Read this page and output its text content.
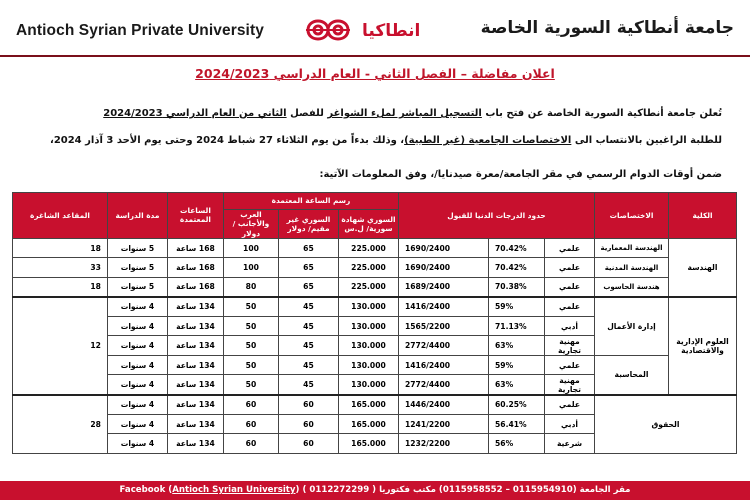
Antioch Syrian Private University	انطاكيا	جامعة أنطاكية السورية الخاصة
اعلان مفاضلة – الفصل الثاني - العام الدراسي 2024/2023
تُعلن جامعة أنطاكية السورية الخاصة عن فتح باب التسجيل المباشر لملء الشواغر للفصل الثاني من العام الدراسي 2024/2023
للطلبة الراغبين بالانتساب الى الاختصاصات الجامعية (غير الطبية)، وذلك بدءاً من يوم الثلاثاء 27 شباط 2024 وحتى يوم الأحد 3 آذار 2024،
ضمن أوقات الدوام الرسمي في مقر الجامعة/معرة صيدنايا/، وفق المعلومات الآتية:
الكلية	الاختصاصات	حدود الدرجات الدنيا للقبول			رسم الساعة المعتمدة			الساعات المعتمدة	مدة الدراسة	المقاعد الشاغرة
					السوري شهادة سورية/ ل.س	السوري غير مقيم/ دولار	العرب والأجانب / دولار			
الهندسة	الهندسة المعمارية	علمي	70.42%	1690/2400	225.000	65	100	168 ساعة	5 سنوات	18
	الهندسة المدنية	علمي	70.42%	1690/2400	225.000	65	100	168 ساعة	5 سنوات	33
	هندسة الحاسوب	علمي	70.38%	1689/2400	225.000	65	80	168 ساعة	5 سنوات	18
العلوم الإدارية والاقتصادية	إدارة الأعمال	علمي	59%	1416/2400	130.000	45	50	134 ساعة	4 سنوات	12
		أدبي	71.13%	1565/2200	130.000	45	50	134 ساعة	4 سنوات	
		مهنية تجارية	63%	2772/4400	130.000	45	50	134 ساعة	4 سنوات	
	المحاسبة	علمي	59%	1416/2400	130.000	45	50	134 ساعة	4 سنوات	
		مهنية تجارية	63%	2772/4400	130.000	45	50	134 ساعة	4 سنوات	
الحقوق		علمي	60.25%	1446/2400	165.000	60	60	134 ساعة	4 سنوات	28
		أدبي	56.41%	1241/2200	165.000	60	60	134 ساعة	4 سنوات	
		شرعية	56%	1232/2200	165.000	60	60	134 ساعة	4 سنوات	
مقر الجامعة (0115954910 – 0115958552) مكتب فكتوريا ( 0112272299 ) Facebook (Antioch Syrian University)
